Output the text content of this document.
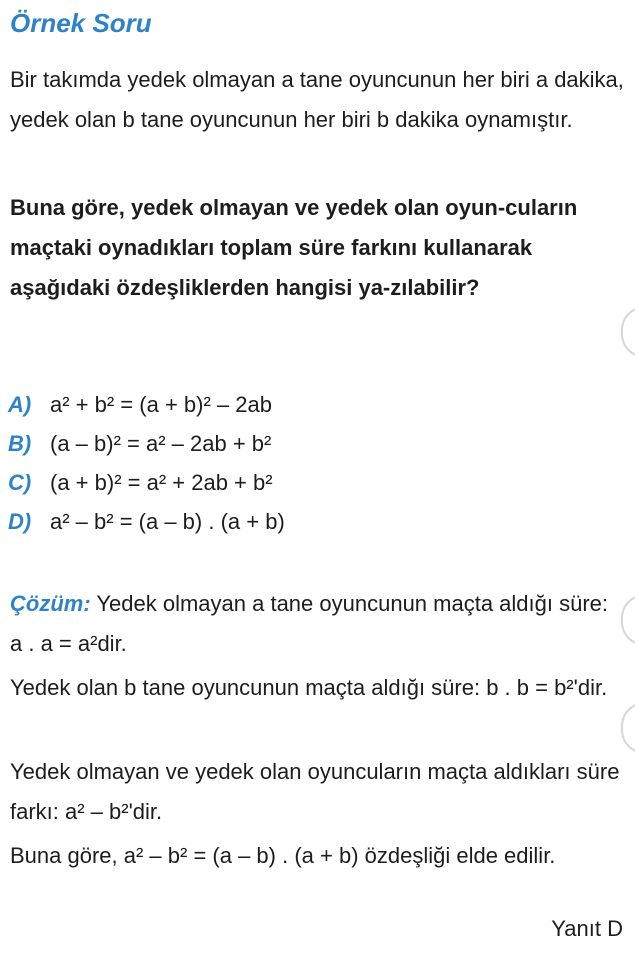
Örnek Soru
Bir takımda yedek olmayan a tane oyuncunun her biri a dakika, yedek olan b tane oyuncunun her biri b dakika oynamıştır.
Buna göre, yedek olmayan ve yedek olan oyun-cuların maçtaki oynadıkları toplam süre farkını kullanarak aşağıdaki özdeşliklerden hangisi ya-zılabilir?
A) a² + b² = (a + b)² – 2ab
B) (a – b)² = a² – 2ab + b²
C) (a + b)² = a² + 2ab + b²
D) a² – b² = (a – b) . (a + b)
Çözüm: Yedek olmayan a tane oyuncunun maçta aldığı süre: a . a = a²dir.
Yedek olan b tane oyuncunun maçta aldığı süre: b . b = b²'dir.
Yedek olmayan ve yedek olan oyuncuların maçta aldıkları süre farkı: a² – b²'dir.
Buna göre, a² – b² = (a – b) . (a + b) özdeşliği elde edilir.
Yanıt D
